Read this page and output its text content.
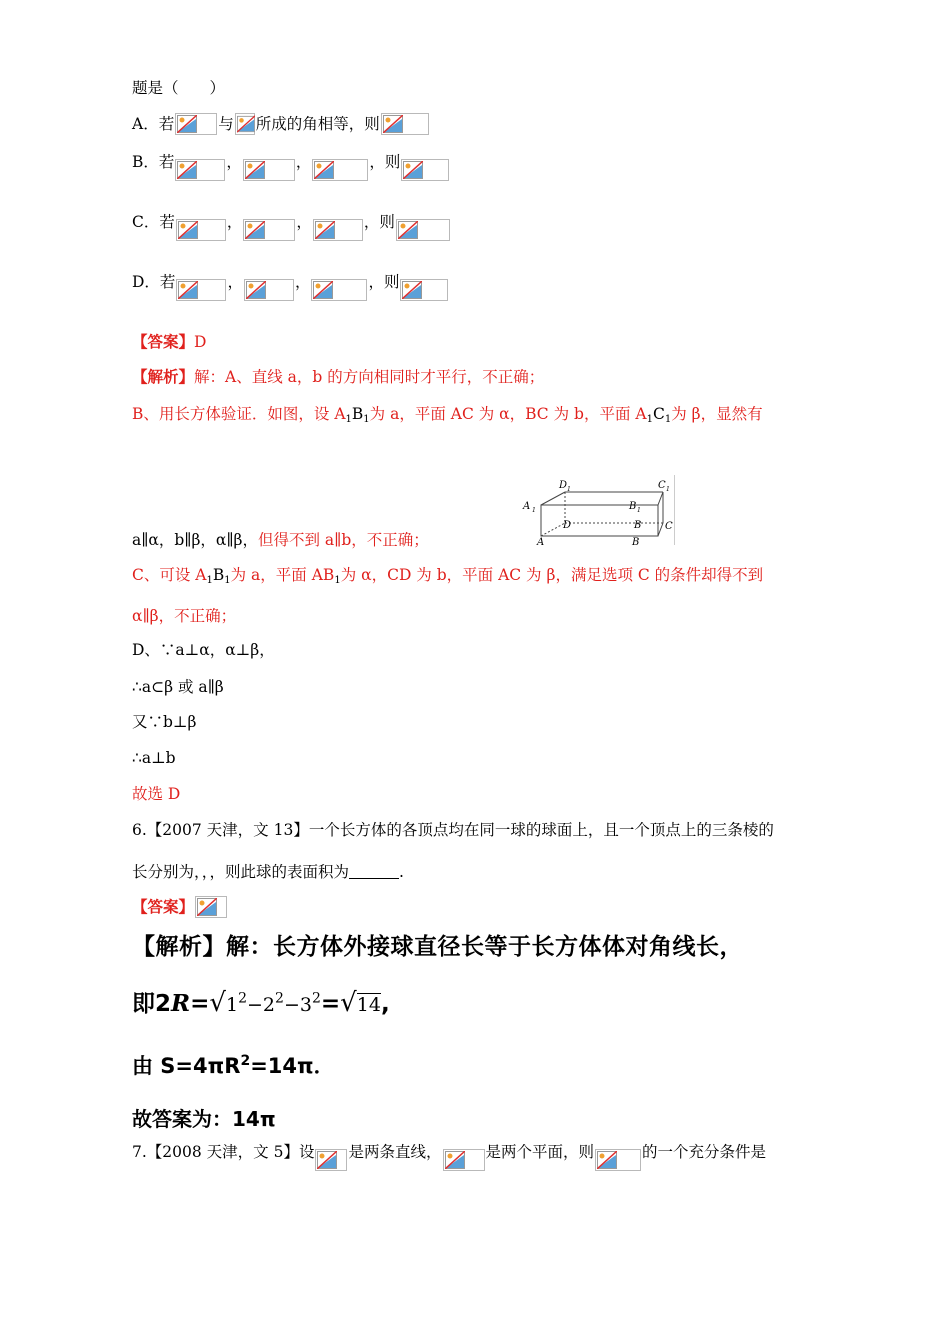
题是（　　）
A．若	与 所成的角相等，则
B．若	，	，	，则
C．若	，	，	，则
D．若	，	，	，则
【答案】D
【解析】解：A、直线 a，b 的方向相同时才平行，不正确；
B、用长方体验证．如图，设 $A_1B_1$为 a，平面 AC 为 α，BC 为 b，平面 $A_1C_1$为 β，显然有
A 1
D 1
B 1
C 1
D	B C
A	B
a∥α，b∥β，α∥β，但得不到 a∥b，不正确；
C、可设 $A_1B_1$为 a，平面 $AB_1$为 α，CD 为 b，平面 AC 为 β，满足选项 C 的条件却得不到
α∥β，不正确；
D、∵a⊥α，α⊥β，
∴a⊂β 或 a∥β
又∵b⊥β
∴a⊥b
故选 D
6.【2007 天津，文 13】一个长方体的各顶点均在同一球的球面上，且一个顶点上的三条棱的
长分别为，，，则此球的表面积为	.
【答案】
【解析】解：长方体外接球直径长等于长方体体对角线长，
即$2R=√1^2-2^2-3^2=√14$,
由 $S=4\pi R^2=14\pi$．
故答案为：14π
7.【2008 天津，文 5】设 是两条直线，	是两个平面，则	的一个充分条件是
